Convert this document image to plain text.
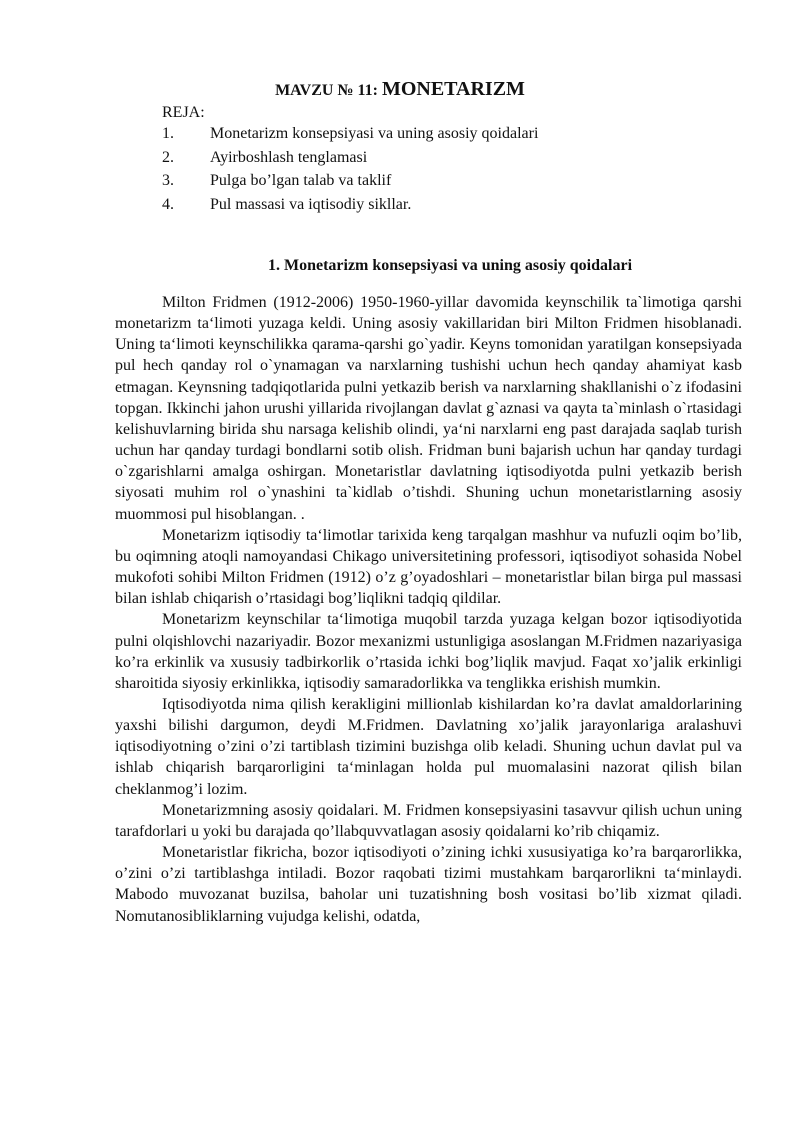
MAVZU № 11: MONETARIZM
REJA:
1.	Monetarizm konsepsiyasi va uning asosiy qoidalari
2.	Ayirboshlash tenglamasi
3.	Pulga bo’lgan talab va taklif
4.	Pul massasi va iqtisodiy sikllar.
1. Monetarizm konsepsiyasi va uning asosiy qoidalari

Milton Fridmen (1912-2006) 1950-1960-yillar davomida keynschilik ta`limotiga qarshi monetarizm ta‘limoti yuzaga keldi. Uning asosiy vakillaridan biri Milton Fridmen hisoblanadi. Uning ta‘limoti keynschilikka qarama-qarshi go`yadir. Keyns tomonidan yaratilgan konsepsiyada pul hech qanday rol o`ynamagan va narxlarning tushishi uchun hech qanday ahamiyat kasb etmagan. Keynsning tadqiqotlarida pulni yetkazib berish va narxlarning shakllanishi o`z ifodasini topgan. Ikkinchi jahon urushi yillarida rivojlangan davlat g`aznasi va qayta ta`minlash o`rtasidagi kelishuvlarning birida shu narsaga kelishib olindi, ya‘ni narxlarni eng past darajada saqlab turish uchun har qanday turdagi bondlarni sotib olish. Fridman buni bajarish uchun har qanday turdagi o`zgarishlarni amalga oshirgan. Monetaristlar davlatning iqtisodiyotda pulni yetkazib berish siyosati muhim rol o`ynashini ta`kidlab o’tishdi. Shuning uchun monetaristlarning asosiy muommosi pul hisoblangan. .

Monetarizm iqtisodiy ta‘limotlar tarixida keng tarqalgan mashhur va nufuzli oqim bo’lib, bu oqimning atoqli namoyandasi Chikago universitetining professori, iqtisodiyot sohasida Nobel mukofoti sohibi Milton Fridmen (1912) o’z g’oyadoshlari – monetaristlar bilan birga pul massasi bilan ishlab chiqarish o’rtasidagi bog’liqlikni tadqiq qildilar.

Monetarizm keynschilar ta‘limotiga muqobil tarzda yuzaga kelgan bozor iqtisodiyotida pulni olqishlovchi nazariyadir. Bozor mexanizmi ustunligiga asoslangan M.Fridmen nazariyasiga ko’ra erkinlik va xususiy tadbirkorlik o’rtasida ichki bog’liqlik mavjud. Faqat xo’jalik erkinligi sharoitida siyosiy erkinlikka, iqtisodiy samaradorlikka va tenglikka erishish mumkin.

Iqtisodiyotda nima qilish kerakligini millionlab kishilardan ko’ra davlat amaldorlarining yaxshi bilishi dargumon, deydi M.Fridmen. Davlatning xo’jalik jarayonlariga aralashuvi iqtisodiyotning o’zini o’zi tartiblash tizimini buzishga olib keladi. Shuning uchun davlat pul va ishlab chiqarish barqarorligini ta‘minlagan holda pul muomalasini nazorat qilish bilan cheklanmog’i lozim.

Monetarizmning asosiy qoidalari. M. Fridmen konsepsiyasini tasavvur qilish uchun uning tarafdorlari u yoki bu darajada qo’llabquvvatlagan asosiy qoidalarni ko’rib chiqamiz.

Monetaristlar fikricha, bozor iqtisodiyoti o’zining ichki xususiyatiga ko’ra barqarorlikka, o’zini o’zi tartiblashga intiladi. Bozor raqobati tizimi mustahkam barqarorlikni ta‘minlaydi. Mabodo muvozanat buzilsa, baholar uni tuzatishning bosh vositasi bo’lib xizmat qiladi. Nomutanosibliklarning vujudga kelishi, odatda,
